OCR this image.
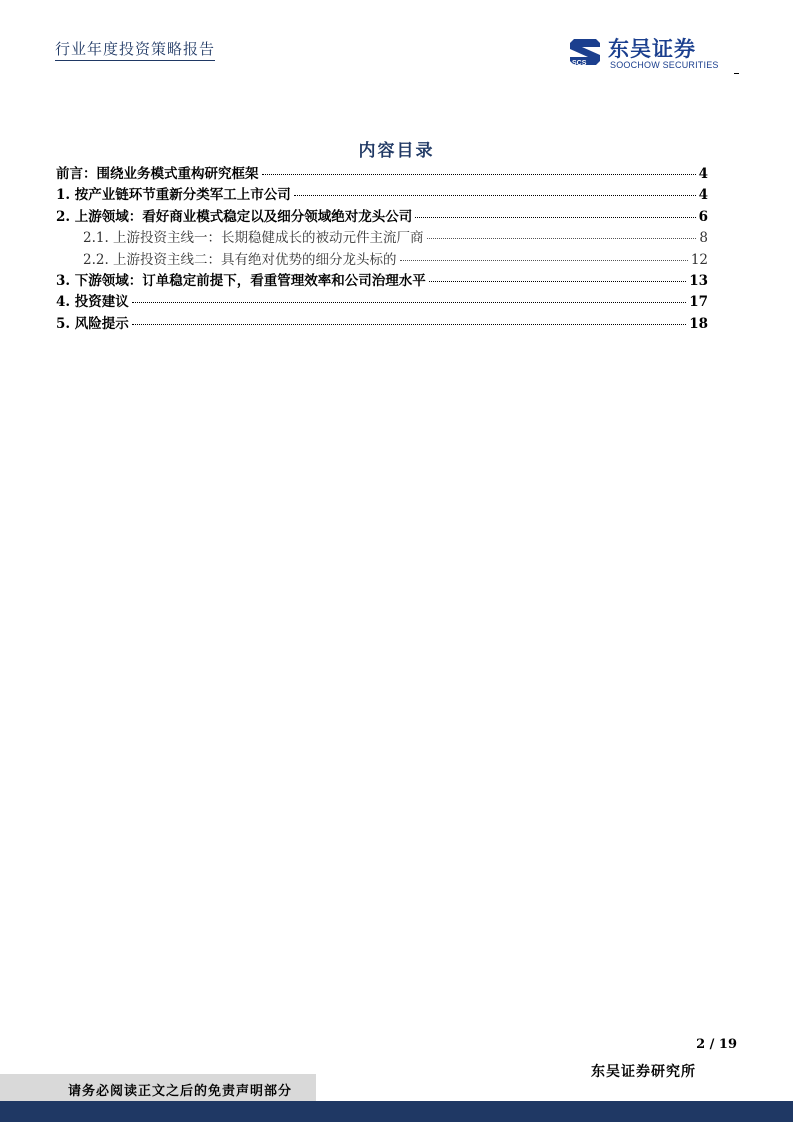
行业年度投资策略报告
SCS
东吴证券
SOOCHOW SECURITIES
内容目录
前言：围绕业务模式重构研究框架	4
1. 按产业链环节重新分类军工上市公司	4
2. 上游领域：看好商业模式稳定以及细分领域绝对龙头公司	6
2.1. 上游投资主线一：长期稳健成长的被动元件主流厂商	8
2.2. 上游投资主线二：具有绝对优势的细分龙头标的	12
3. 下游领域：订单稳定前提下，看重管理效率和公司治理水平	13
4. 投资建议	17
5. 风险提示	18
2 / 19
东吴证券研究所
请务必阅读正文之后的免责声明部分
